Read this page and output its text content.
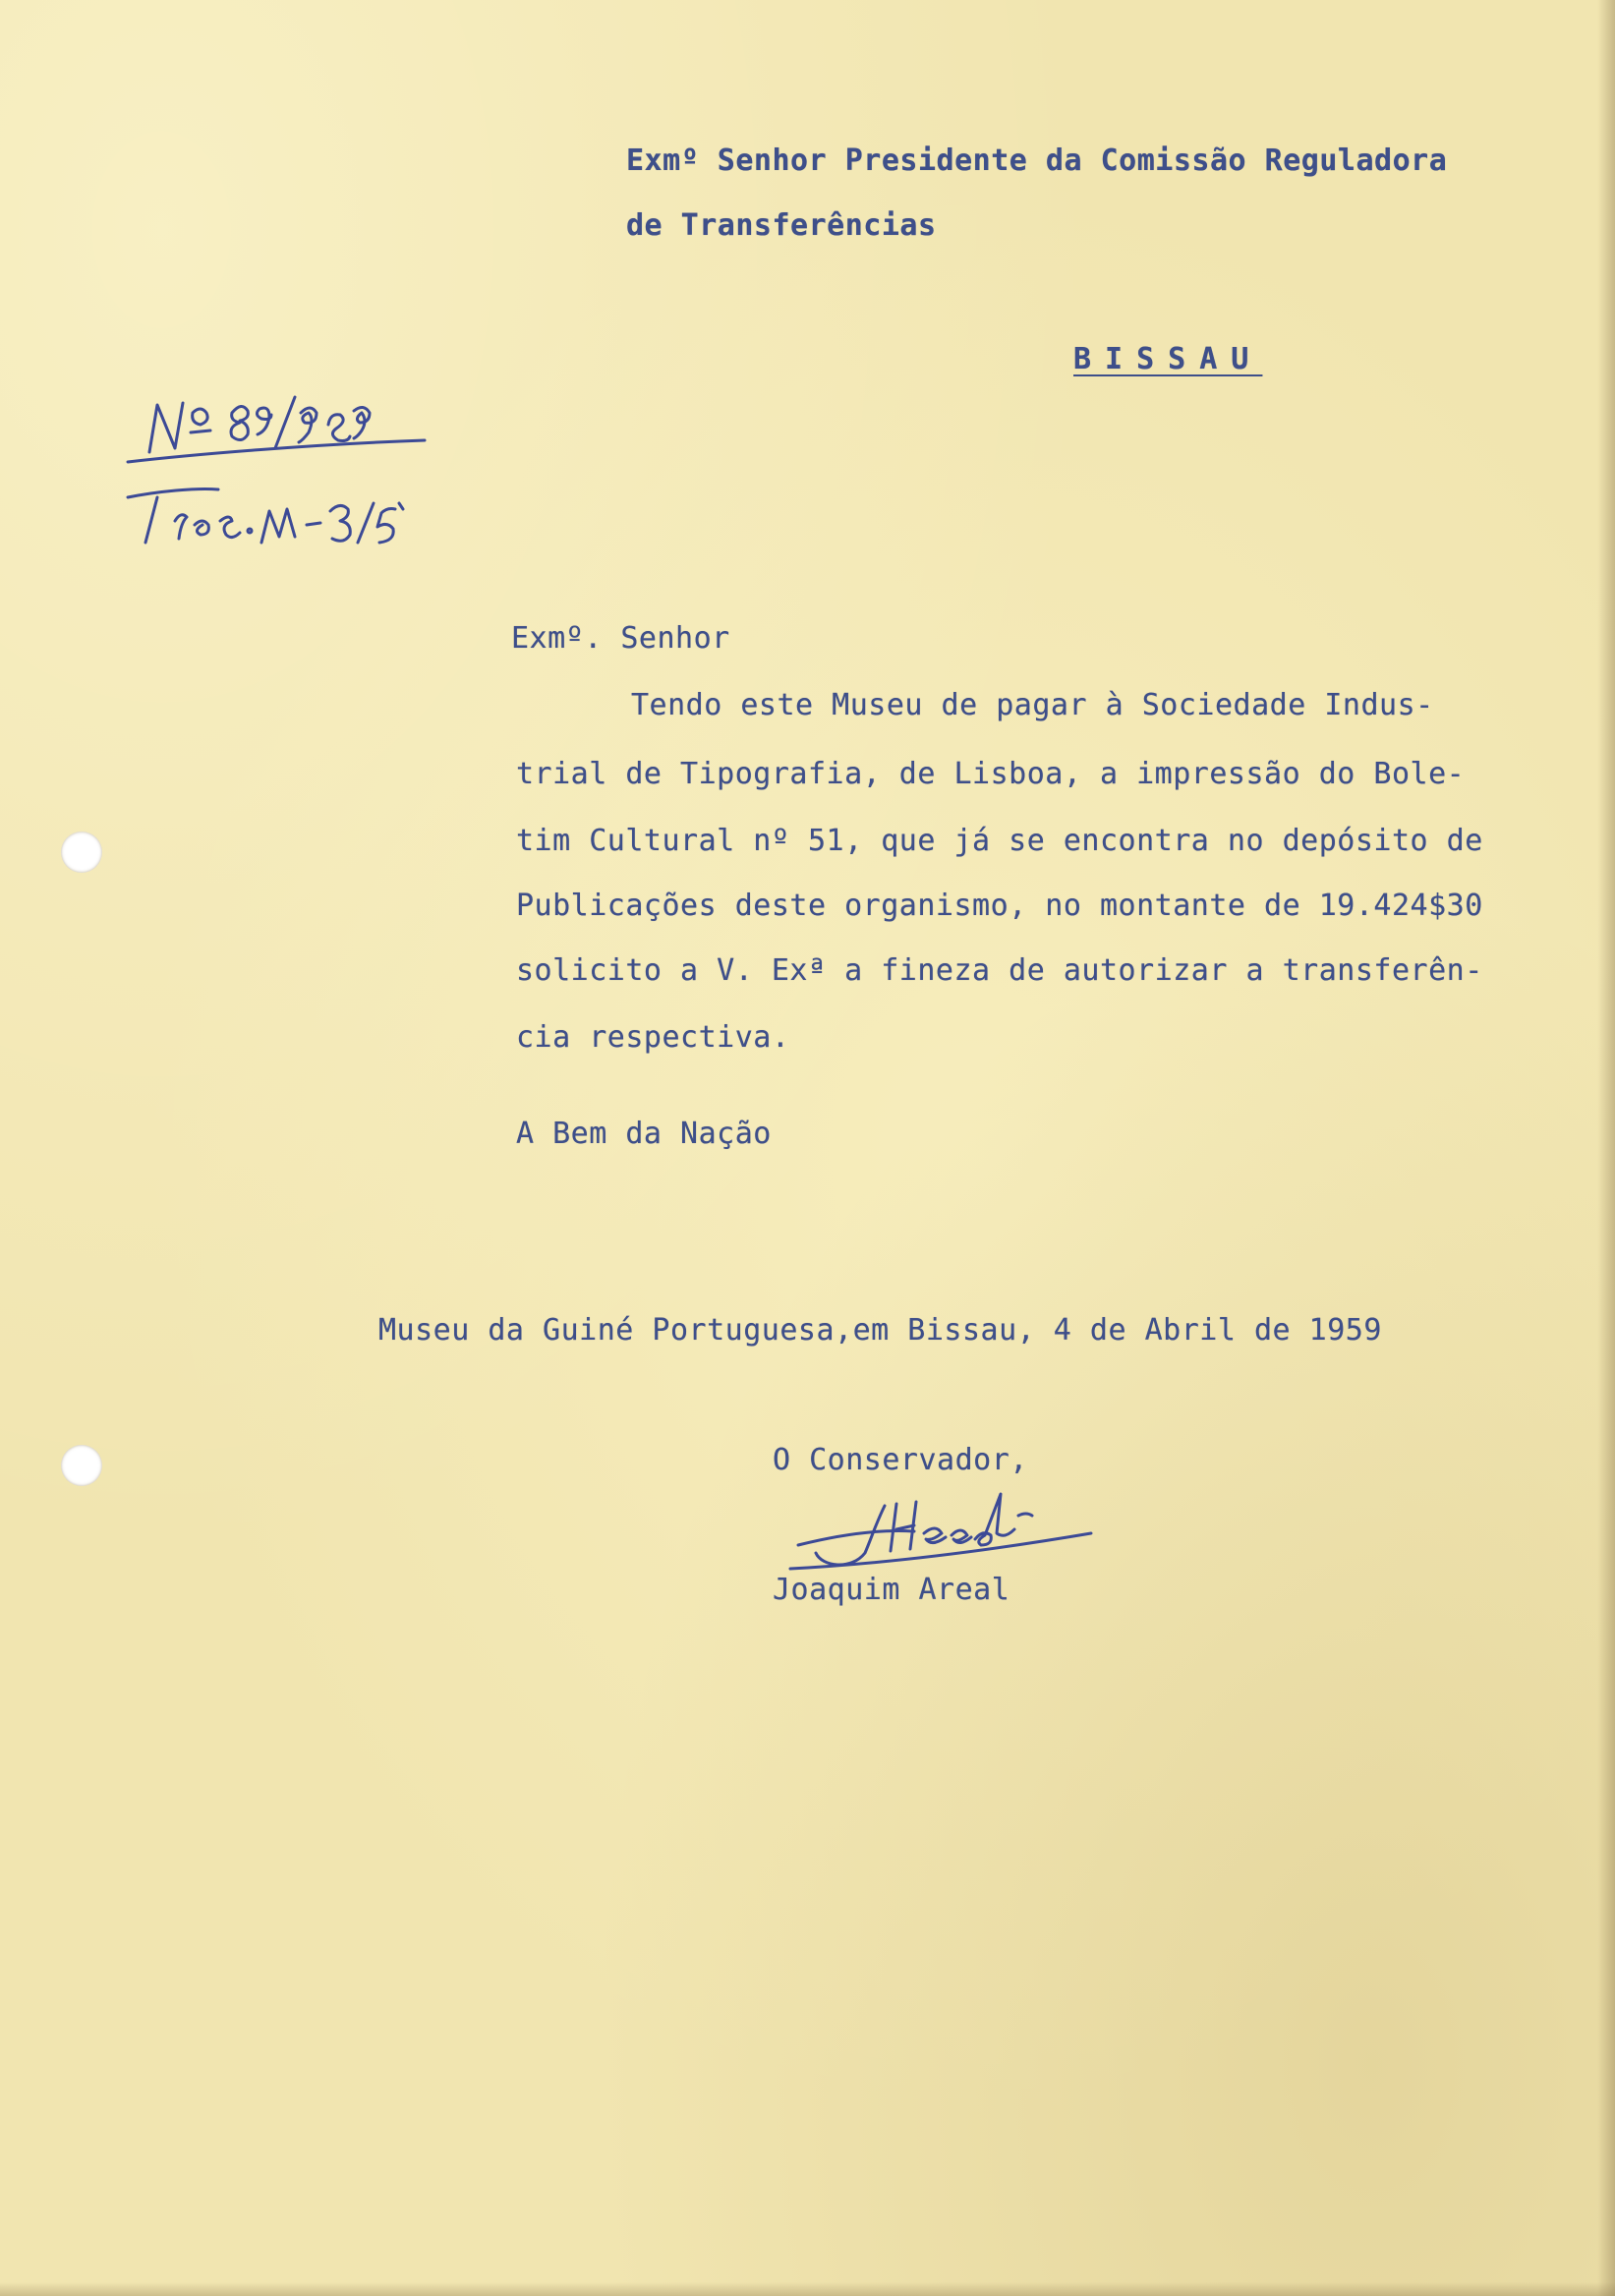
Exmº Senhor Presidente da Comissão Reguladora
de Transferências
BISSAU
Exmº. Senhor
Tendo este Museu de pagar à Sociedade Indus-
trial de Tipografia, de Lisboa, a impressão do Bole-
tim Cultural nº 51, que já se encontra no depósito de
Publicações deste organismo, no montante de 19.424$30
solicito a V. Exª a fineza de autorizar a transferên-
cia respectiva.
A Bem da Nação
Museu da Guiné Portuguesa,em Bissau, 4 de Abril de 1959
O Conservador,
Joaquim Areal
